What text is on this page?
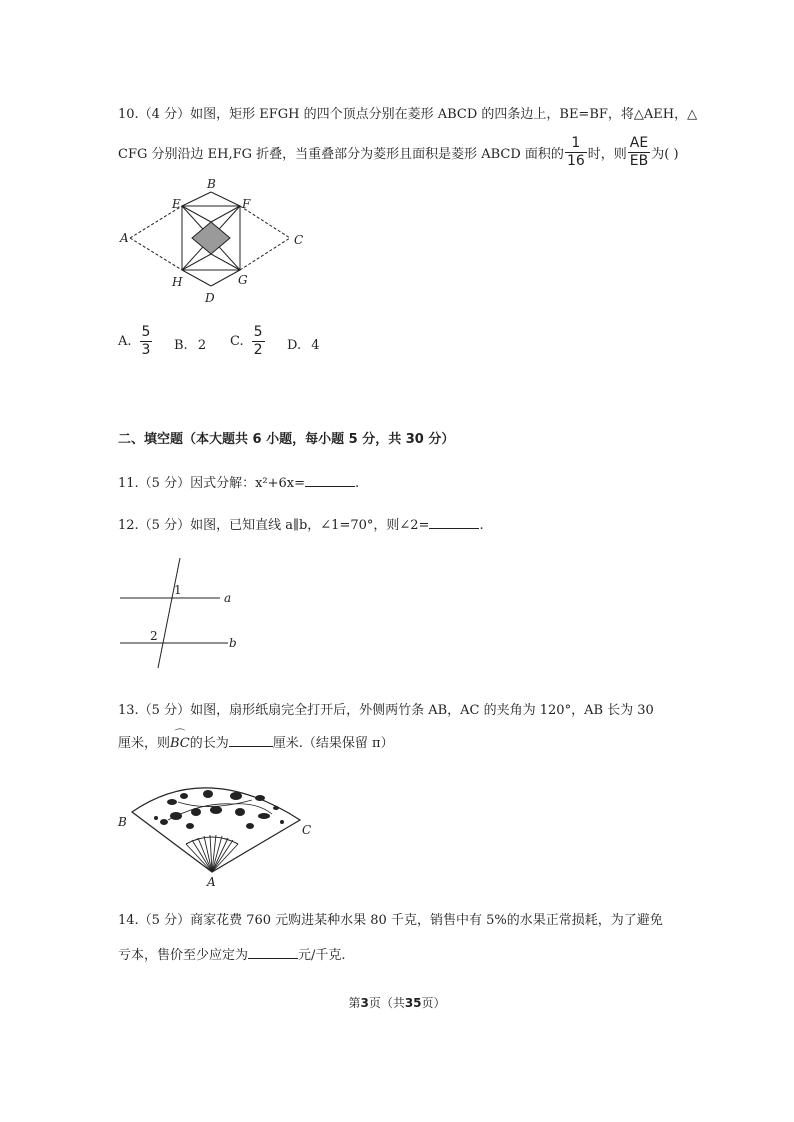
10.（4 分）如图，矩形 EFGH 的四个顶点分别在菱形 ABCD 的四条边上，BE=BF，将△AEH，△
CFG 分别沿边 EH,FG 折叠，当重叠部分为菱形且面积是菱形 ABCD 面积的 $\frac{1}{16}$ 时，则 $\frac{AE}{EB}$ 为( )
A
B
C
D
E	F
G
H
A. $\frac{5}{3} B$. 2 C. $\frac{5}{2} D$. 4
二、填空题（本大题共 6 小题，每小题 5 分，共 30 分）
11.（5 分）因式分解：x²+6x=	.
12.（5 分）如图，已知直线 a∥b，∠1=70°，则∠2=	.
1
2
a
b
13.（5 分）如图，扇形纸扇完全打开后，外侧两竹条 AB，AC 的夹角为 120°，AB 长为 30
厘米，则⌒ BC的长为	厘米.（结果保留 π）
B
C
A
14.（5 分）商家花费 760 元购进某种水果 80 千克，销售中有 5%的水果正常损耗，为了避免
亏本，售价至少应定为	元/千克.
第3页（共35页）
